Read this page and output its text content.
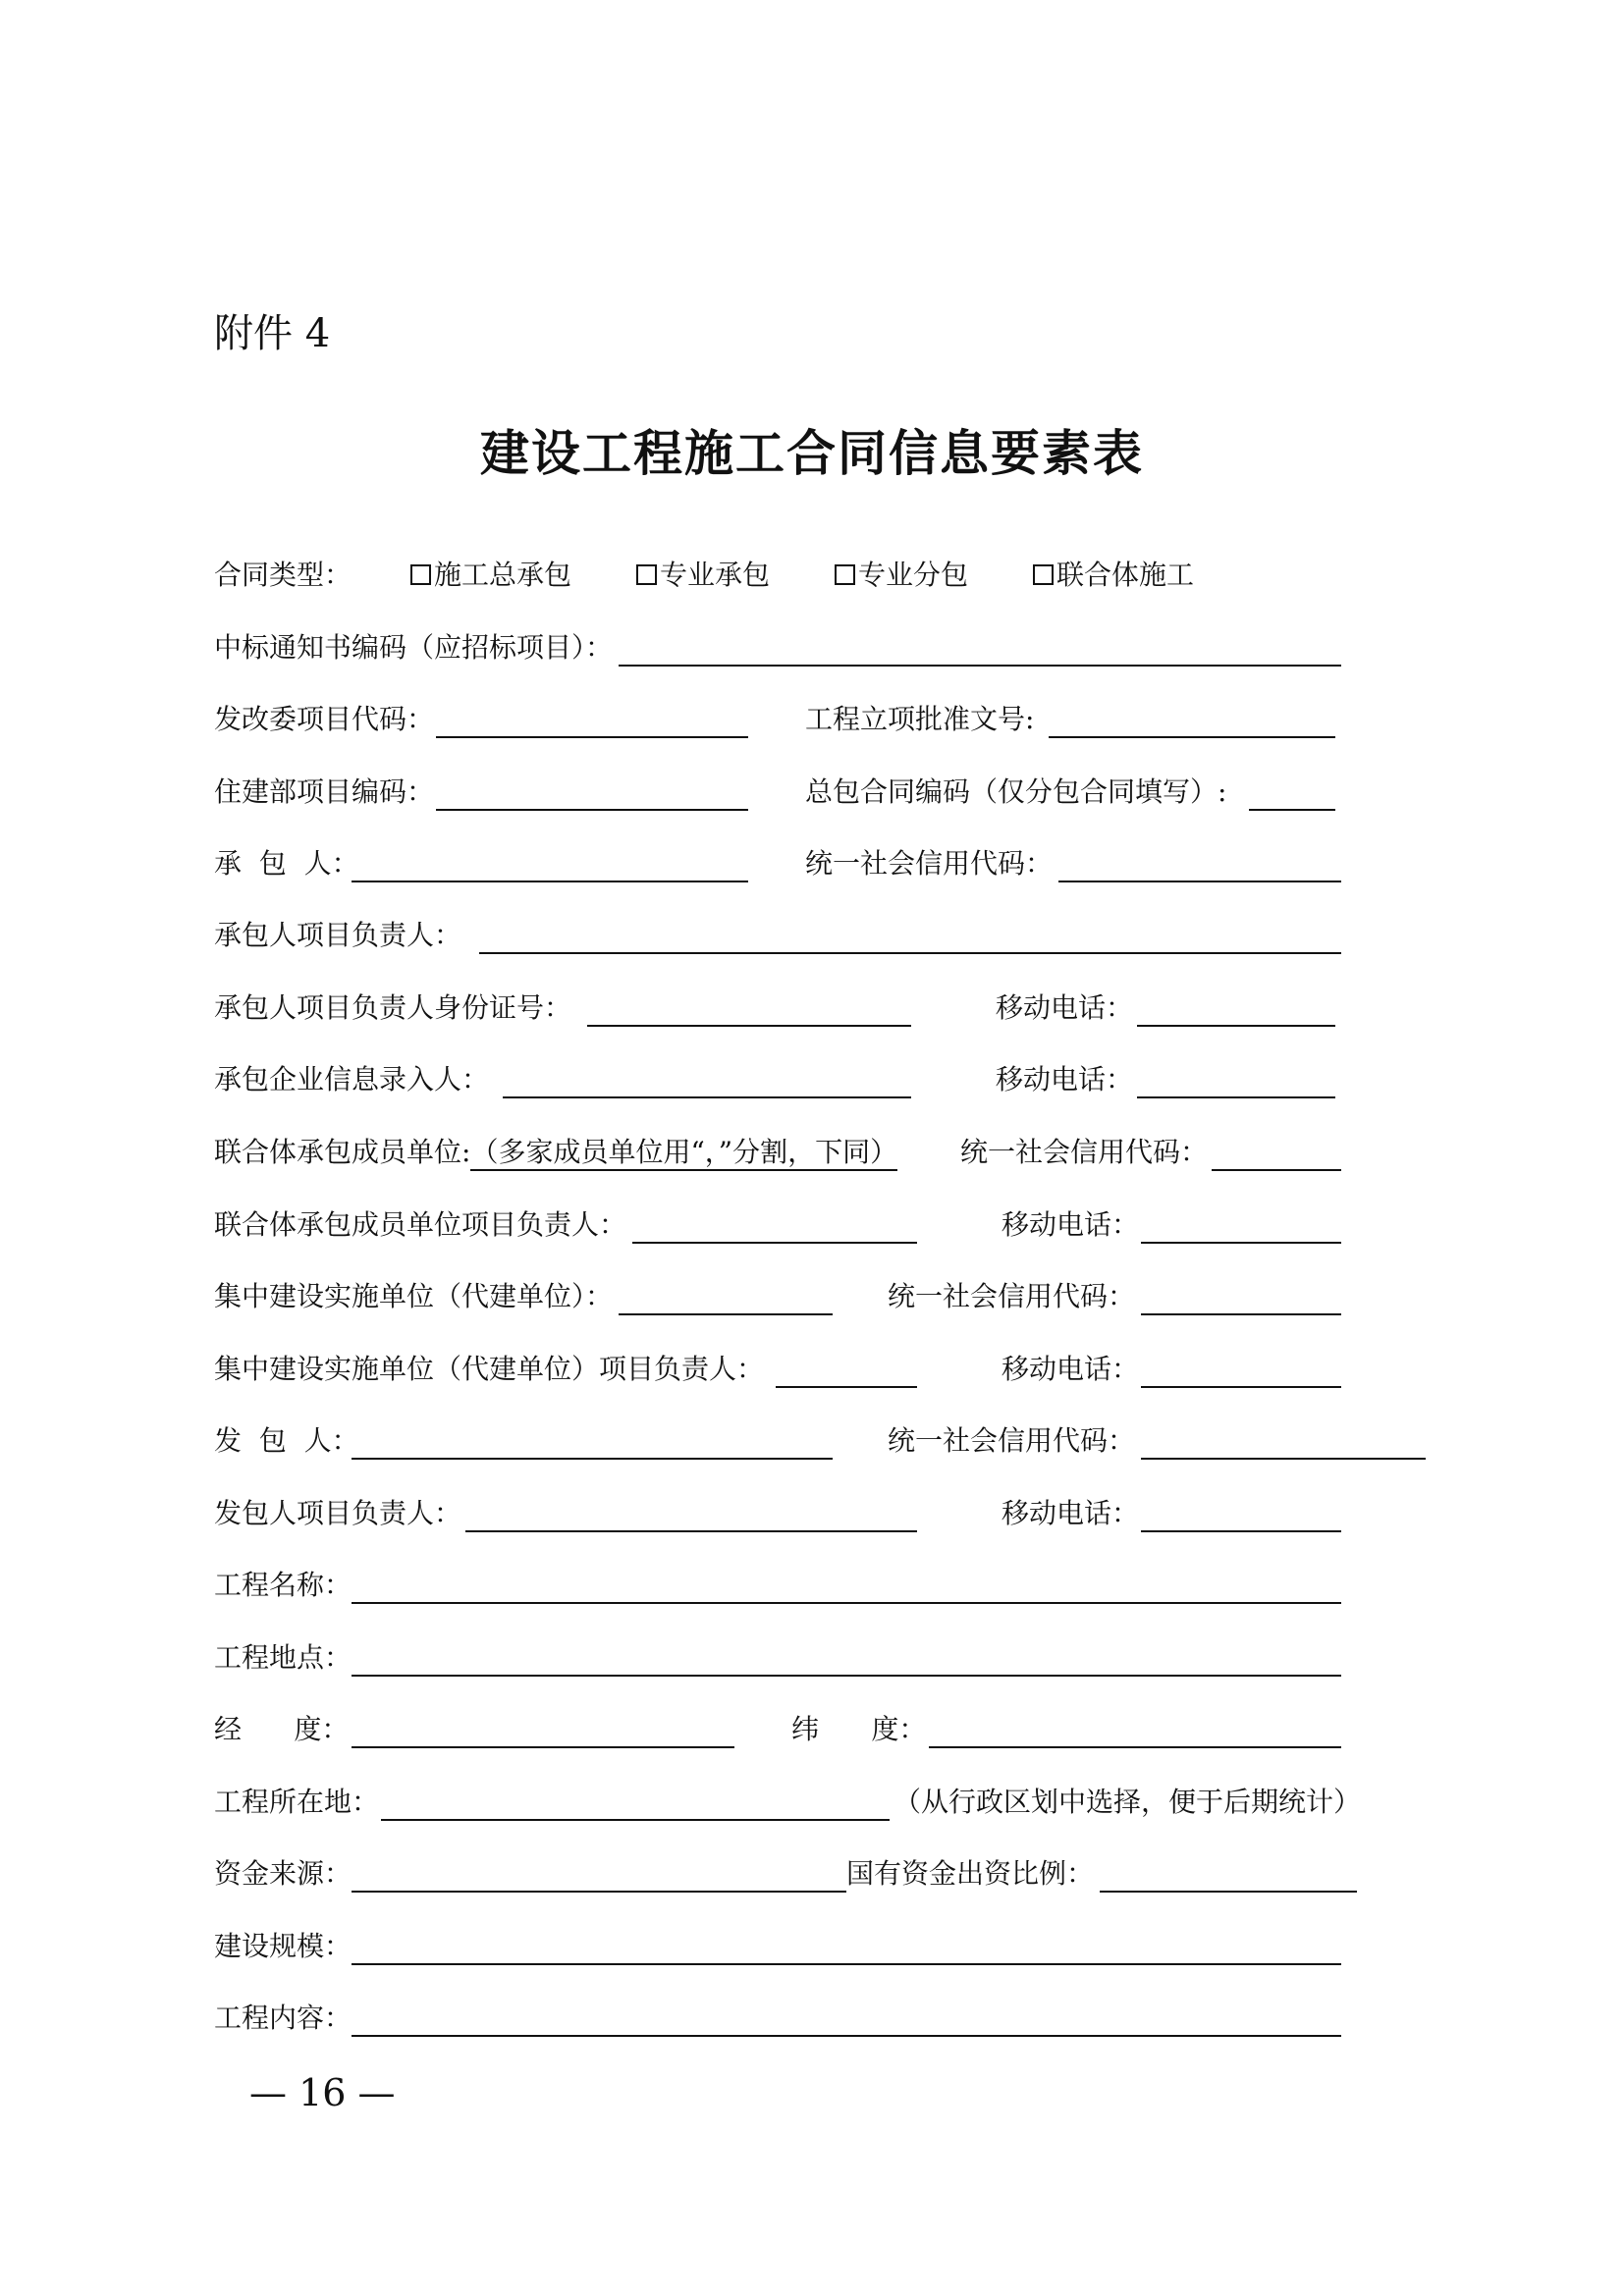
附件 4
建设工程施工合同信息要素表
合同类型：	施工总承包	专业承包	专业分包	联合体施工
中标通知书编码（应招标项目）：
发改委项目代码：	工程立项批准文号:
住建部项目编码：	总包合同编码（仅分包合同填写）:
承  包  人：	统一社会信用代码：
承包人项目负责人：
承包人项目负责人身份证号：	移动电话：
承包企业信息录入人：	移动电话：
联合体承包成员单位:（多家成员单位用“，”分割，下同） 统一社会信用代码：
联合体承包成员单位项目负责人：	移动电话：
集中建设实施单位（代建单位）：	统一社会信用代码：
集中建设实施单位（代建单位）项目负责人：	移动电话：
发  包  人：	统一社会信用代码：
发包人项目负责人：	移动电话：
工程名称：
工程地点：
经      度：	纬      度：
工程所在地：	（从行政区划中选择，便于后期统计）
资金来源：	国有资金出资比例：
建设规模：
工程内容：
— 16 —
